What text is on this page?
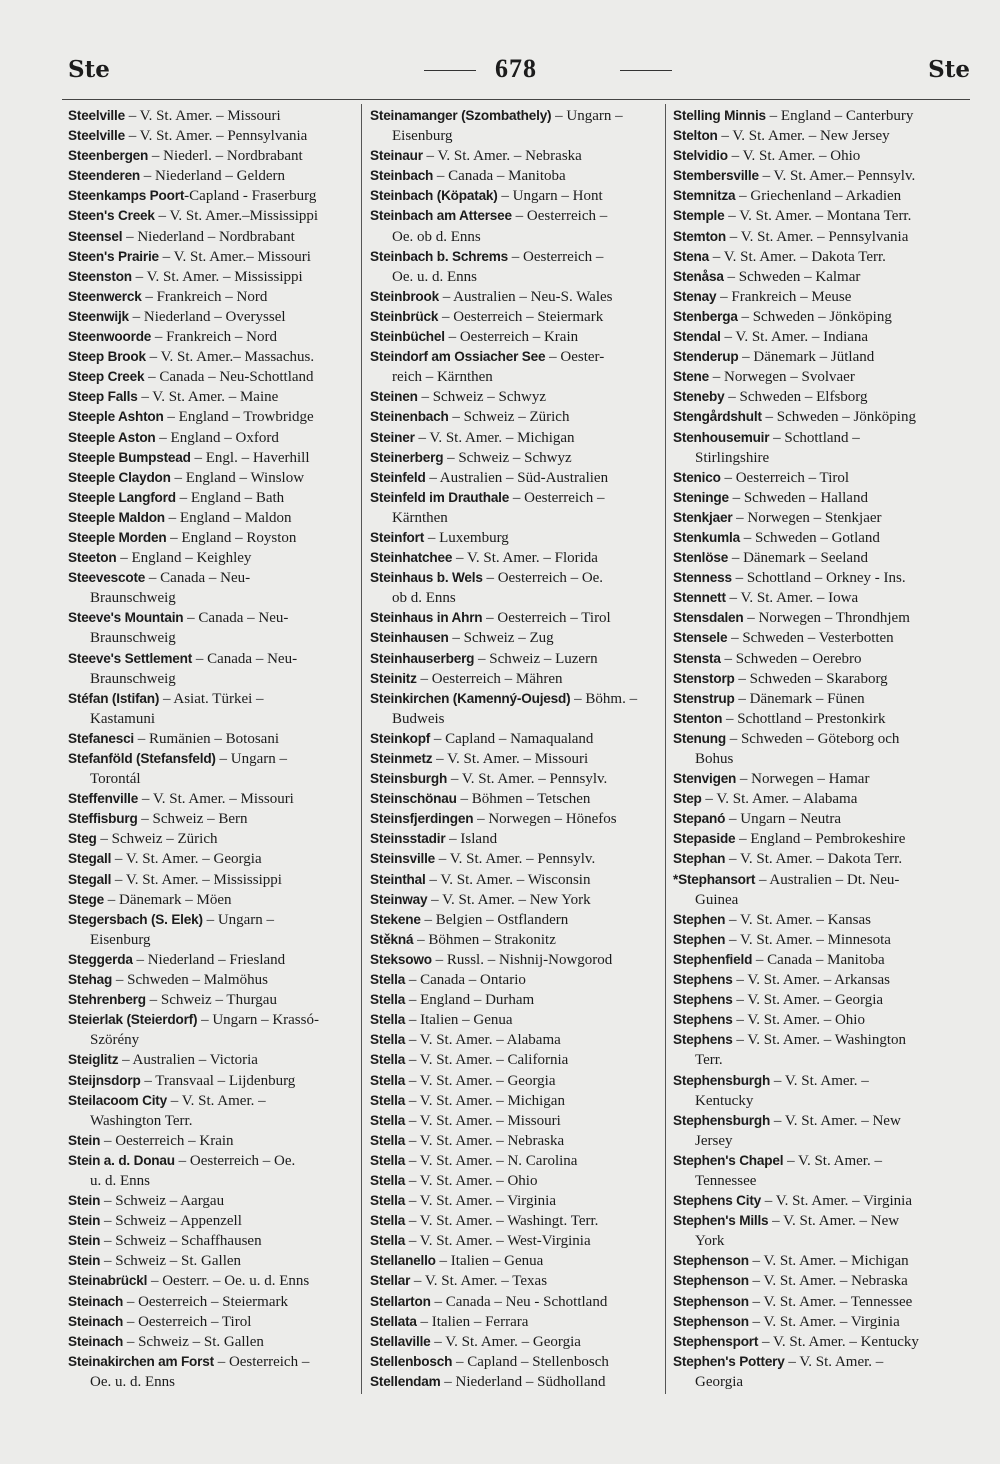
Ste	678	Ste
Steelville – V. St. Amer. – Missouri
Steelville – V. St. Amer. – Pennsylvania
Steenbergen – Niederl. – Nordbrabant
Steenderen – Niederland – Geldern
Steenkamps Poort-Capland - Fraserburg
Steen's Creek – V. St. Amer.–Mississippi
Steensel – Niederland – Nordbrabant
Steen's Prairie – V. St. Amer.– Missouri
Steenston – V. St. Amer. – Mississippi
Steenwerck – Frankreich – Nord
Steenwijk – Niederland – Overyssel
Steenwoorde – Frankreich – Nord
Steep Brook – V. St. Amer.– Massachus.
Steep Creek – Canada – Neu-Schottland
Steep Falls – V. St. Amer. – Maine
Steeple Ashton – England – Trowbridge
Steeple Aston – England – Oxford
Steeple Bumpstead – Engl. – Haverhill
Steeple Claydon – England – Winslow
Steeple Langford – England – Bath
Steeple Maldon – England – Maldon
Steeple Morden – England – Royston
Steeton – England – Keighley
Steevescote – Canada – Neu-
Braunschweig
Steeve's Mountain – Canada – Neu-
Braunschweig
Steeve's Settlement – Canada – Neu-
Braunschweig
Stéfan (Istifan) – Asiat. Türkei –
Kastamuni
Stefanesci – Rumänien – Botosani
Stefanföld (Stefansfeld) – Ungarn –
Torontál
Steffenville – V. St. Amer. – Missouri
Steffisburg – Schweiz – Bern
Steg – Schweiz – Zürich
Stegall – V. St. Amer. – Georgia
Stegall – V. St. Amer. – Mississippi
Stege – Dänemark – Möen
Stegersbach (S. Elek) – Ungarn –
Eisenburg
Steggerda – Niederland – Friesland
Stehag – Schweden – Malmöhus
Stehrenberg – Schweiz – Thurgau
Steierlak (Steierdorf) – Ungarn – Krassó-
Szörény
Steiglitz – Australien – Victoria
Steijnsdorp – Transvaal – Lijdenburg
Steilacoom City – V. St. Amer. –
Washington Terr.
Stein – Oesterreich – Krain
Stein a. d. Donau – Oesterreich – Oe.
u. d. Enns
Stein – Schweiz – Aargau
Stein – Schweiz – Appenzell
Stein – Schweiz – Schaffhausen
Stein – Schweiz – St. Gallen
Steinabrückl – Oesterr. – Oe. u. d. Enns
Steinach – Oesterreich – Steiermark
Steinach – Oesterreich – Tirol
Steinach – Schweiz – St. Gallen
Steinakirchen am Forst – Oesterreich –
Oe. u. d. Enns
Steinamanger (Szombathely) – Ungarn –
Eisenburg
Steinaur – V. St. Amer. – Nebraska
Steinbach – Canada – Manitoba
Steinbach (Köpatak) – Ungarn – Hont
Steinbach am Attersee – Oesterreich –
Oe. ob d. Enns
Steinbach b. Schrems – Oesterreich –
Oe. u. d. Enns
Steinbrook – Australien – Neu-S. Wales
Steinbrück – Oesterreich – Steiermark
Steinbüchel – Oesterreich – Krain
Steindorf am Ossiacher See – Oester-
reich – Kärnthen
Steinen – Schweiz – Schwyz
Steinenbach – Schweiz – Zürich
Steiner – V. St. Amer. – Michigan
Steinerberg – Schweiz – Schwyz
Steinfeld – Australien – Süd-Australien
Steinfeld im Drauthale – Oesterreich –
Kärnthen
Steinfort – Luxemburg
Steinhatchee – V. St. Amer. – Florida
Steinhaus b. Wels – Oesterreich – Oe.
ob d. Enns
Steinhaus in Ahrn – Oesterreich – Tirol
Steinhausen – Schweiz – Zug
Steinhauserberg – Schweiz – Luzern
Steinitz – Oesterreich – Mähren
Steinkirchen (Kamenný-Oujesd) – Böhm. –
Budweis
Steinkopf – Capland – Namaqualand
Steinmetz – V. St. Amer. – Missouri
Steinsburgh – V. St. Amer. – Pennsylv.
Steinschönau – Böhmen – Tetschen
Steinsfjerdingen – Norwegen – Hönefos
Steinsstadir – Island
Steinsville – V. St. Amer. – Pennsylv.
Steinthal – V. St. Amer. – Wisconsin
Steinway – V. St. Amer. – New York
Stekene – Belgien – Ostflandern
Stěkná – Böhmen – Strakonitz
Steksowo – Russl. – Nishnij-Nowgorod
Stella – Canada – Ontario
Stella – England – Durham
Stella – Italien – Genua
Stella – V. St. Amer. – Alabama
Stella – V. St. Amer. – California
Stella – V. St. Amer. – Georgia
Stella – V. St. Amer. – Michigan
Stella – V. St. Amer. – Missouri
Stella – V. St. Amer. – Nebraska
Stella – V. St. Amer. – N. Carolina
Stella – V. St. Amer. – Ohio
Stella – V. St. Amer. – Virginia
Stella – V. St. Amer. – Washingt. Terr.
Stella – V. St. Amer. – West-Virginia
Stellanello – Italien – Genua
Stellar – V. St. Amer. – Texas
Stellarton – Canada – Neu - Schottland
Stellata – Italien – Ferrara
Stellaville – V. St. Amer. – Georgia
Stellenbosch – Capland – Stellenbosch
Stellendam – Niederland – Südholland
Stelling Minnis – England – Canterbury
Stelton – V. St. Amer. – New Jersey
Stelvidio – V. St. Amer. – Ohio
Stembersville – V. St. Amer.– Pennsylv.
Stemnitza – Griechenland – Arkadien
Stemple – V. St. Amer. – Montana Terr.
Stemton – V. St. Amer. – Pennsylvania
Stena – V. St. Amer. – Dakota Terr.
Stenåsa – Schweden – Kalmar
Stenay – Frankreich – Meuse
Stenberga – Schweden – Jönköping
Stendal – V. St. Amer. – Indiana
Stenderup – Dänemark – Jütland
Stene – Norwegen – Svolvaer
Steneby – Schweden – Elfsborg
Stengårdshult – Schweden – Jönköping
Stenhousemuir – Schottland –
Stirlingshire
Stenico – Oesterreich – Tirol
Steninge – Schweden – Halland
Stenkjaer – Norwegen – Stenkjaer
Stenkumla – Schweden – Gotland
Stenlöse – Dänemark – Seeland
Stenness – Schottland – Orkney - Ins.
Stennett – V. St. Amer. – Iowa
Stensdalen – Norwegen – Throndhjem
Stensele – Schweden – Vesterbotten
Stensta – Schweden – Oerebro
Stenstorp – Schweden – Skaraborg
Stenstrup – Dänemark – Fünen
Stenton – Schottland – Prestonkirk
Stenung – Schweden – Göteborg och
Bohus
Stenvigen – Norwegen – Hamar
Step – V. St. Amer. – Alabama
Stepanó – Ungarn – Neutra
Stepaside – England – Pembrokeshire
Stephan – V. St. Amer. – Dakota Terr.
*Stephansort – Australien – Dt. Neu-
Guinea
Stephen – V. St. Amer. – Kansas
Stephen – V. St. Amer. – Minnesota
Stephenfield – Canada – Manitoba
Stephens – V. St. Amer. – Arkansas
Stephens – V. St. Amer. – Georgia
Stephens – V. St. Amer. – Ohio
Stephens – V. St. Amer. – Washington
Terr.
Stephensburgh – V. St. Amer. –
Kentucky
Stephensburgh – V. St. Amer. – New
Jersey
Stephen's Chapel – V. St. Amer. –
Tennessee
Stephens City – V. St. Amer. – Virginia
Stephen's Mills – V. St. Amer. – New
York
Stephenson – V. St. Amer. – Michigan
Stephenson – V. St. Amer. – Nebraska
Stephenson – V. St. Amer. – Tennessee
Stephenson – V. St. Amer. – Virginia
Stephensport – V. St. Amer. – Kentucky
Stephen's Pottery – V. St. Amer. –
Georgia
